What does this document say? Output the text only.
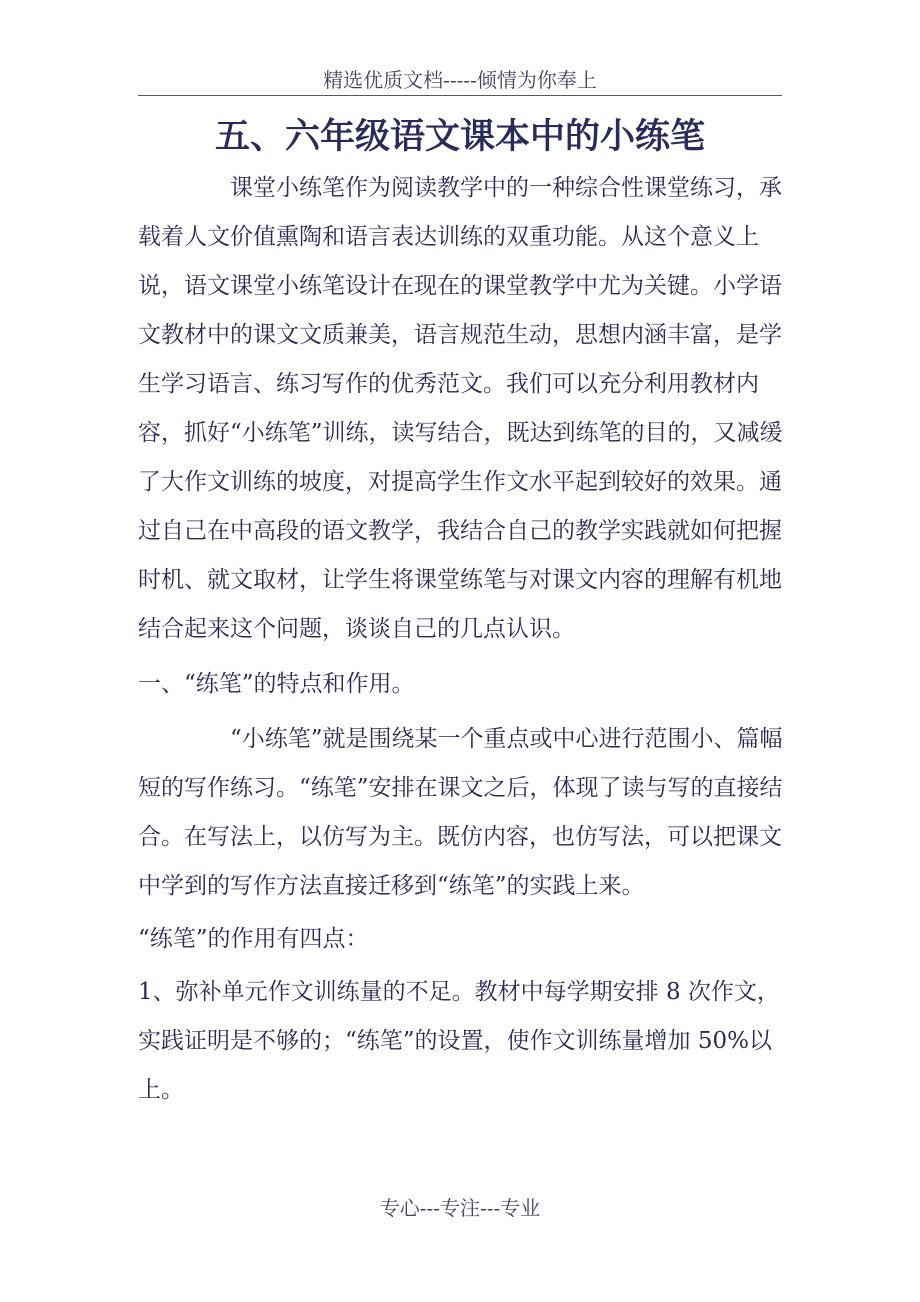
精选优质文档-----倾情为你奉上
五、六年级语文课本中的小练笔

课堂小练笔作为阅读教学中的一种综合性课堂练习，承载着人文价值熏陶和语言表达训练的双重功能。从这个意义上说，语文课堂小练笔设计在现在的课堂教学中尤为关键。小学语文教材中的课文文质兼美，语言规范生动，思想内涵丰富，是学生学习语言、练习写作的优秀范文。我们可以充分利用教材内容，抓好“小练笔”训练，读写结合，既达到练笔的目的，又减缓了大作文训练的坡度，对提高学生作文水平起到较好的效果。通过自己在中高段的语文教学，我结合自己的教学实践就如何把握时机、就文取材，让学生将课堂练笔与对课文内容的理解有机地结合起来这个问题，谈谈自己的几点认识。

一、“练笔”的特点和作用。

“小练笔”就是围绕某一个重点或中心进行范围小、篇幅短的写作练习。“练笔”安排在课文之后，体现了读与写的直接结合。在写法上，以仿写为主。既仿内容，也仿写法，可以把课文中学到的写作方法直接迁移到“练笔”的实践上来。

“练笔”的作用有四点：

1、弥补单元作文训练量的不足。教材中每学期安排 8 次作文，实践证明是不够的；“练笔”的设置，使作文训练量增加 50%以上。

专心---专注---专业
